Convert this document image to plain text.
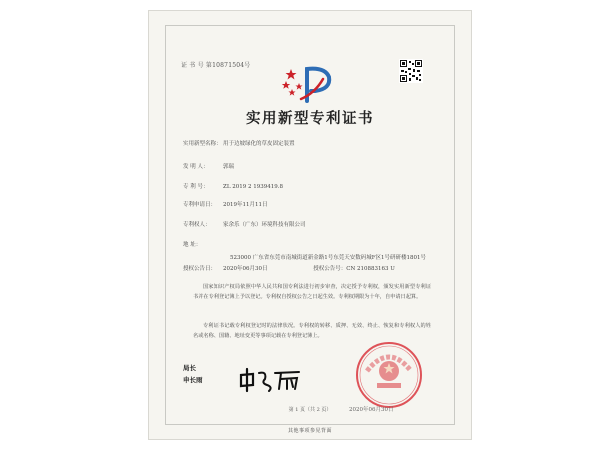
证 书 号 第10871504号
实用新型专利证书
实用新型名称：用于边坡绿化的草皮固定装置
发 明 人：	郭瑞
专 利 号：	ZL 2019 2 1939419.8
专利申请日： 2019年11月11日
专利权人： 家余乐（广东）环境科技有限公司
地 址：
523000 广东省东莞市南城街道新金路1号东莞天安数码城F区1号研研楼1801号
授权公告日： 2020年06月30日	授权公告号：CN 210883163 U
国家知识产权局依照中华人民共和国专利法进行初步审查，决定授予专利权，颁发实用新型专利证书并在专利登记簿上予以登记。专利权自授权公告之日起生效。专利权期限为十年，自申请日起算。
专利证书记载专利权登记时的法律状况。专利权的转移、质押、无效、终止、恢复和专利权人的姓名或名称、国籍、地址变更等事项记载在专利登记簿上。
局长
申长雨
2020年06月30日
第 1 页（共 2 页）
其他事项参见背面
